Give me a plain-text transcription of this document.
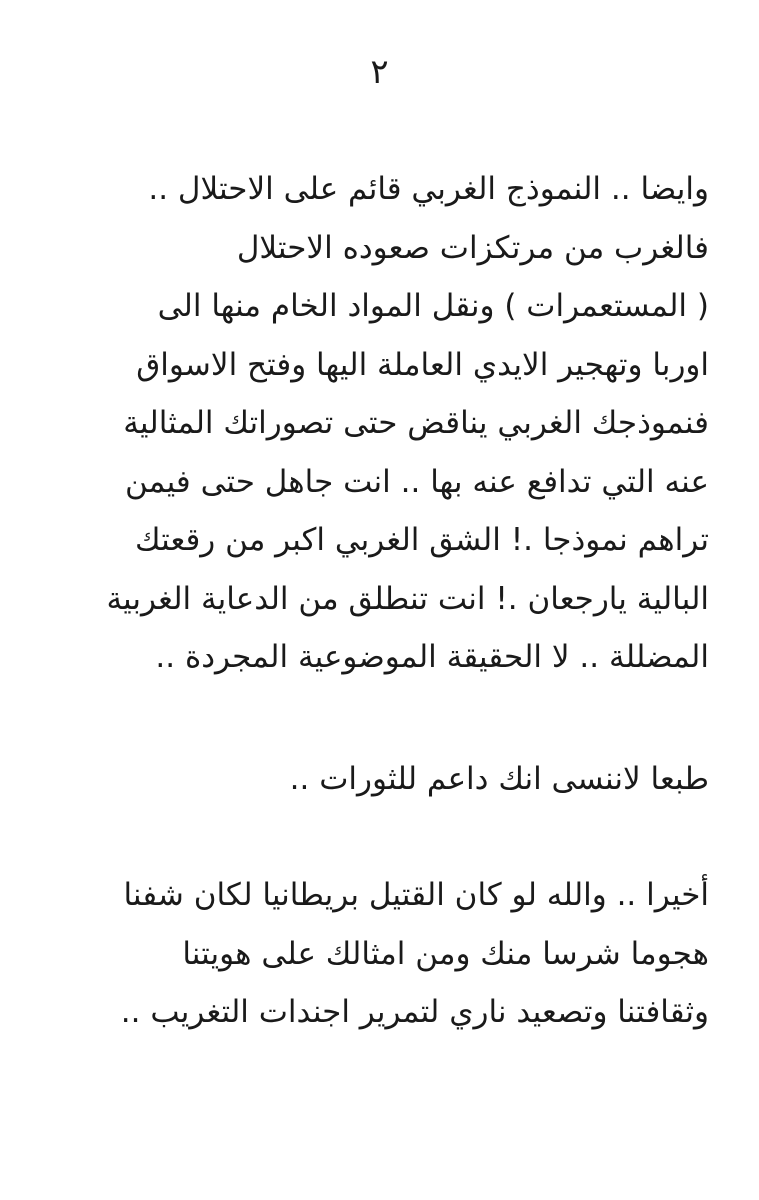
٢
وايضا .. النموذج الغربي قائم على الاحتلال ..
فالغرب من مرتكزات صعوده الاحتلال
( المستعمرات ) ونقل المواد الخام منها الى
اوربا وتهجير الايدي العاملة اليها وفتح الاسواق
فنموذجك الغربي يناقض حتى تصوراتك المثالية
عنه التي تدافع عنه بها .. انت جاهل حتى فيمن
تراهم نموذجا .! الشق الغربي اكبر من رقعتك
البالية يارجعان .! انت تنطلق من الدعاية الغربية
المضللة .. لا الحقيقة الموضوعية المجردة ..
طبعا لاننسى انك داعم للثورات ..
أخيرا .. والله لو كان القتيل بريطانيا لكان شفنا
هجوما شرسا منك ومن امثالك على هويتنا
وثقافتنا وتصعيد ناري لتمرير اجندات التغريب ..
